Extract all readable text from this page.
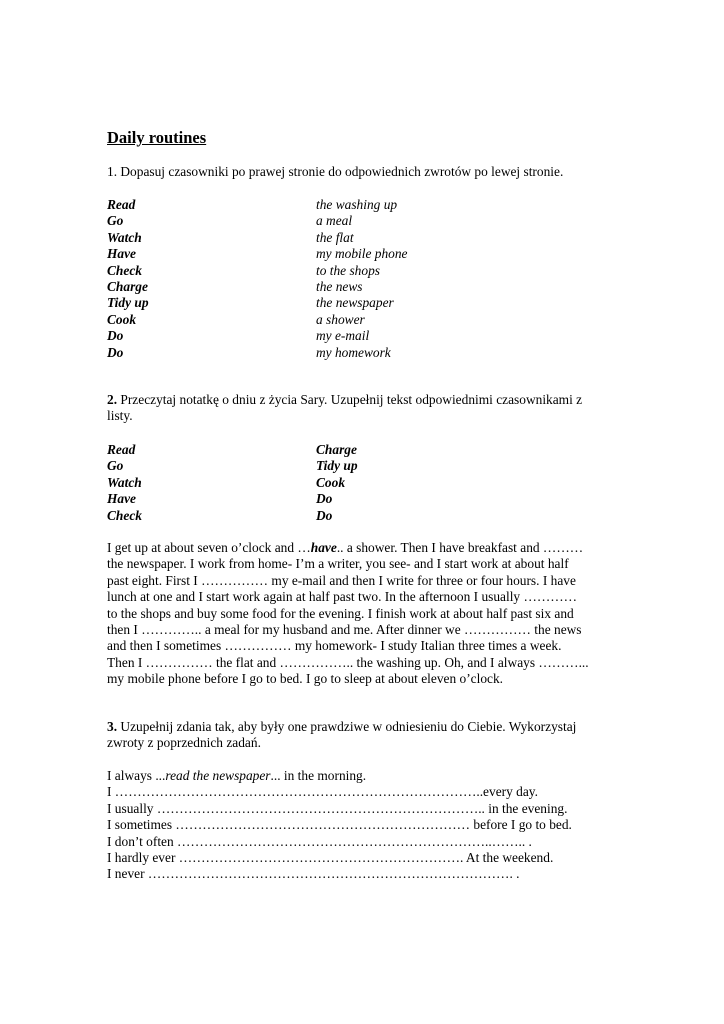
Daily routines

1. Dopasuj czasowniki po prawej stronie do odpowiednich zwrotów po lewej stronie.

Read	the washing up
Go	a meal
Watch	the flat
Have	my mobile phone
Check	to the shops
Charge	the news
Tidy up	the newspaper
Cook	a shower
Do	my e-mail
Do	my homework
2. Przeczytaj notatkę o dniu z życia Sary. Uzupełnij tekst odpowiednimi czasownikami z
listy.
Read	Charge
Go	Tidy up
Watch	Cook
Have	Do
Check	Do
I get up at about seven o’clock and …have.. a shower. Then I have breakfast and ………
the newspaper. I work from home- I’m a writer, you see- and I start work at about half
past eight. First I …………… my e-mail and then I write for three or four hours. I have
lunch at one and I start work again at half past two. In the afternoon I usually …………
to the shops and buy some food for the evening. I finish work at about half past six and
then I ………….. a meal for my husband and me. After dinner we …………… the news
and then I sometimes …………… my homework- I study Italian three times a week.
Then I …………… the flat and …………….. the washing up. Oh, and I always ………...
my mobile phone before I go to bed. I go to sleep at about eleven o’clock.
3. Uzupełnij zdania tak, aby były one prawdziwe w odniesieniu do Ciebie. Wykorzystaj
zwroty z poprzednich zadań.
I always ...read the newspaper... in the morning.
I ………………………………………………………………………..every day.
I usually ……………………………………………………………….. in the evening.
I sometimes ………………………………………………………… before I go to bed.
I don’t often ……………………………………………………………..…….. .
I hardly ever ………………………………………………………. At the weekend.
I never ………………………………………………………………………. .
